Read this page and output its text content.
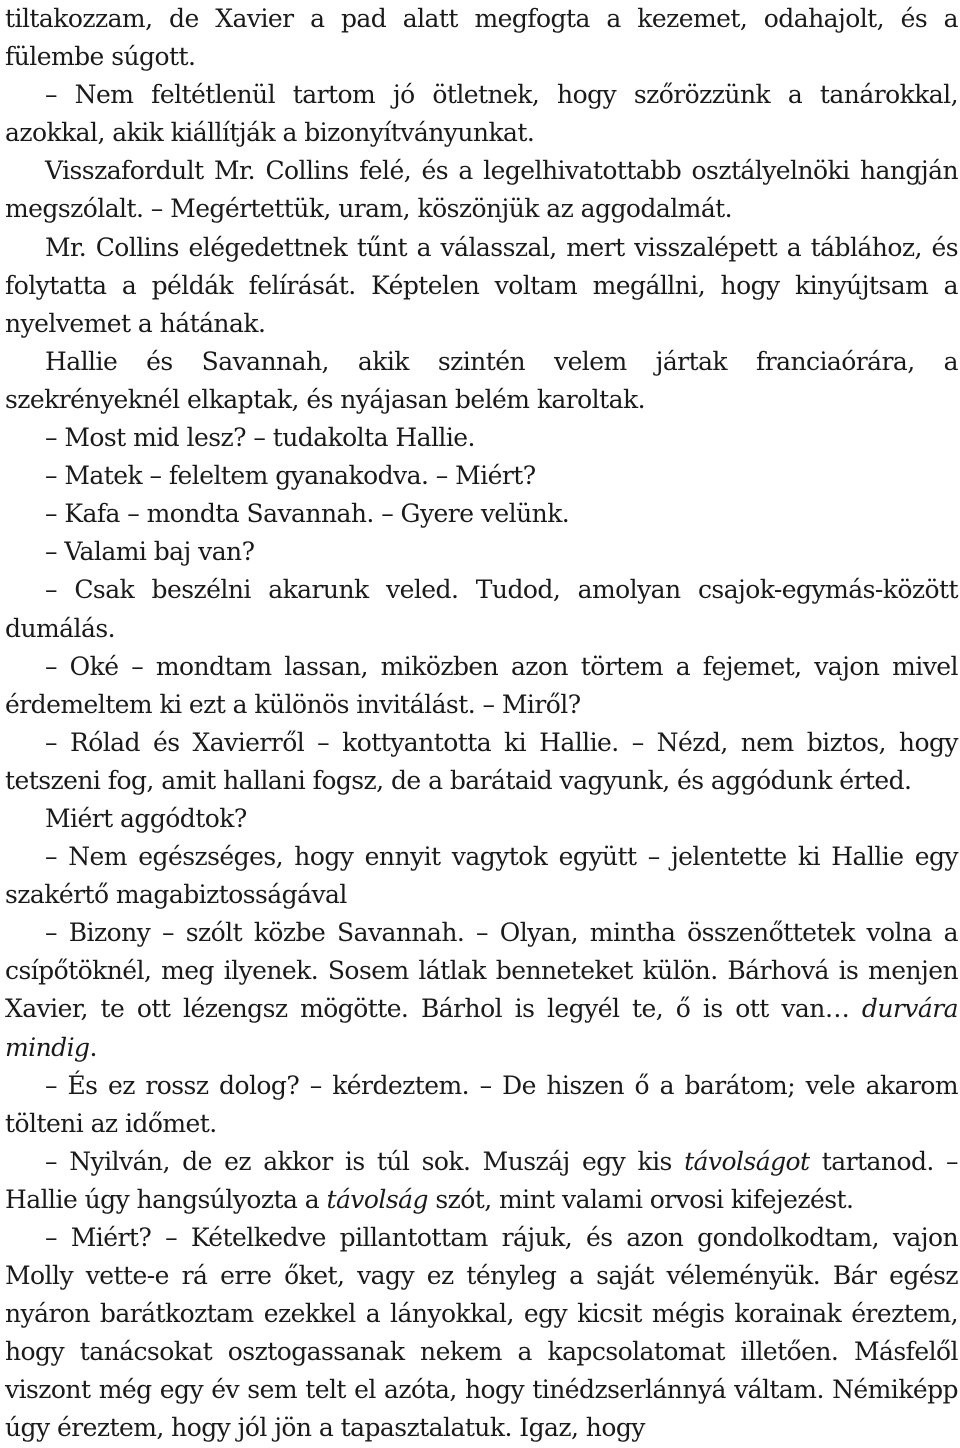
tiltakozzam, de Xavier a pad alatt megfogta a kezemet, odahajolt, és a fülembe súgott.

– Nem feltétlenül tartom jó ötletnek, hogy szőrözzünk a tanárokkal, azokkal, akik kiállítják a bizonyítványunkat.

Visszafordult Mr. Collins felé, és a legelhivatottabb osztályelnöki hangján megszólalt. – Megértettük, uram, köszönjük az aggodalmát.

Mr. Collins elégedettnek tűnt a válasszal, mert visszalépett a táblához, és folytatta a példák felírását. Képtelen voltam megállni, hogy kinyújtsam a nyelvemet a hátának.

Hallie és Savannah, akik szintén velem jártak franciaórára, a szekrényeknél elkaptak, és nyájasan belém karoltak.

– Most mid lesz? – tudakolta Hallie.

– Matek – feleltem gyanakodva. – Miért?

– Kafa – mondta Savannah. – Gyere velünk.

– Valami baj van?

– Csak beszélni akarunk veled. Tudod, amolyan csajok-egymás-között dumálás.

– Oké – mondtam lassan, miközben azon törtem a fejemet, vajon mivel érdemeltem ki ezt a különös invitálást. – Miről?

– Rólad és Xavierről – kottyantotta ki Hallie. – Nézd, nem biztos, hogy tetszeni fog, amit hallani fogsz, de a barátaid vagyunk, és aggódunk érted.

Miért aggódtok?

– Nem egészséges, hogy ennyit vagytok együtt – jelentette ki Hallie egy szakértő magabiztosságával

– Bizony – szólt közbe Savannah. – Olyan, mintha összenőttetek volna a csípőtöknél, meg ilyenek. Sosem látlak benneteket külön. Bárhová is menjen Xavier, te ott lézengsz mögötte. Bárhol is legyél te, ő is ott van… durvára mindig.

– És ez rossz dolog? – kérdeztem. – De hiszen ő a barátom; vele akarom tölteni az időmet.

– Nyilván, de ez akkor is túl sok. Muszáj egy kis távolságot tartanod. – Hallie úgy hangsúlyozta a távolság szót, mint valami orvosi kifejezést.

– Miért? – Kételkedve pillantottam rájuk, és azon gondolkodtam, vajon Molly vette-e rá erre őket, vagy ez tényleg a saját véleményük. Bár egész nyáron barátkoztam ezekkel a lányokkal, egy kicsit mégis korainak éreztem, hogy tanácsokat osztogassanak nekem a kapcsolatomat illetően. Másfelől viszont még egy év sem telt el azóta, hogy tinédzserlánnyá váltam. Némiképp úgy éreztem, hogy jól jön a tapasztalatuk. Igaz, hogy
